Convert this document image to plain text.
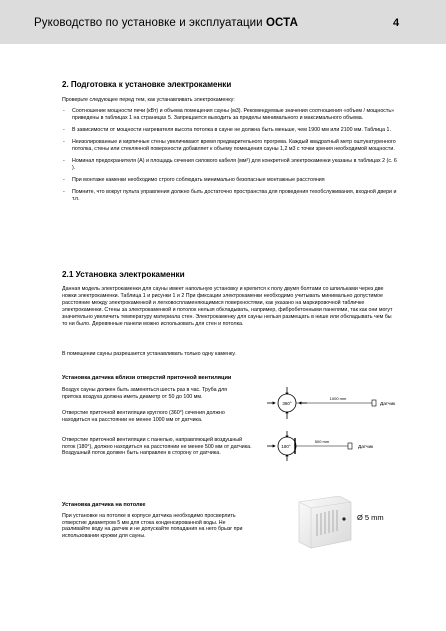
Руководство по установке и эксплуатации ОСТА	4
2. Подготовка к установке электрокаменки
Проверьте следующее перед тем, как устанавливать электрокаменку:
- Соотношение мощности печи (кВт) и объема помещения сауны (м3). Рекомендуемые значения соотношения «объем / мощность» приведены в таблицах 1 на страницах 5. Запрещается выходить за пределы минимального и максимального объема.
- В зависимости от мощности нагревателя высота потолка в сауне не должна быть меньше, чем 1900 мм или 2100 мм. Таблица 1.
- Неизолированные и кирпичные стены увеличивают время предварительного прогрева. Каждый квадратный метр оштукатуренного потолка, стены или стеклянной поверхности добавляет к объему помещения сауны 1,2 м3 с точки зрения необходимой мощности.
- Номинал предохранителя (А) и площадь сечения силового кабеля (мм²) для конкретной электрокаменки указаны в таблицах 2 (с. 6 ).
- При монтаже каменки необходимо строго соблюдать минимально безопасные монтажные расстояния
- Помните, что вокруг пульта управления должно быть достаточно пространства для проведения техобслуживания, входной двери и т.п.
2.1 Установка электрокаменки

Данная модель электрокаменки для сауны имеет напольную установку и крепится к полу двумя болтами со шпильками через две ножки электрокаменки. Таблица 1 и рисунки 1 и 2 При фиксации электрокаменки необходимо учитывать минимально допустимое расстояние между электрокаменкой и легковоспламеняющимися поверхностями, как указано на маркировочной табличке электрокаменки. Стены за электрокаменкой и потолок нельзя обкладывать, например, фибробетонными панелями, так как они могут значительно увеличить температуру материала стен. Электрокаменку для сауны нельзя размещать в нише или обкладывать чем бы то ни было. Деревянные панели можно использовать для стен и потолка.

В помещении сауны разрешается устанавливать только одну каменку.

Установка датчика вблизи отверстий приточной вентиляции

Воздух сауны должен быть заменяться шесть раз в час. Труба для притока воздуха должна иметь диаметр от 50 до 100 мм.

Отверстие приточной вентиляции круглого (360°) сечения должно находиться на расстоянии не менее 1000 мм от датчика.

Отверстие приточной вентиляции с панелью, направляющей воздушный поток (180°), должно находиться на расстоянии не менее 500 мм от датчика. Воздушный поток должен быть направлен в сторону от датчика.

360°
1000 mm
Датчик
180°
500 mm
Датчик
Установка датчика на потолке

При установке на потолке в корпусе датчика необходимо просверлить отверстие диаметром 5 мм для стока конденсированной воды. Не разливайте воду на датчик и не допускайте попадания на него брызг при использовании кружки для сауны.

Ø 5 mm
